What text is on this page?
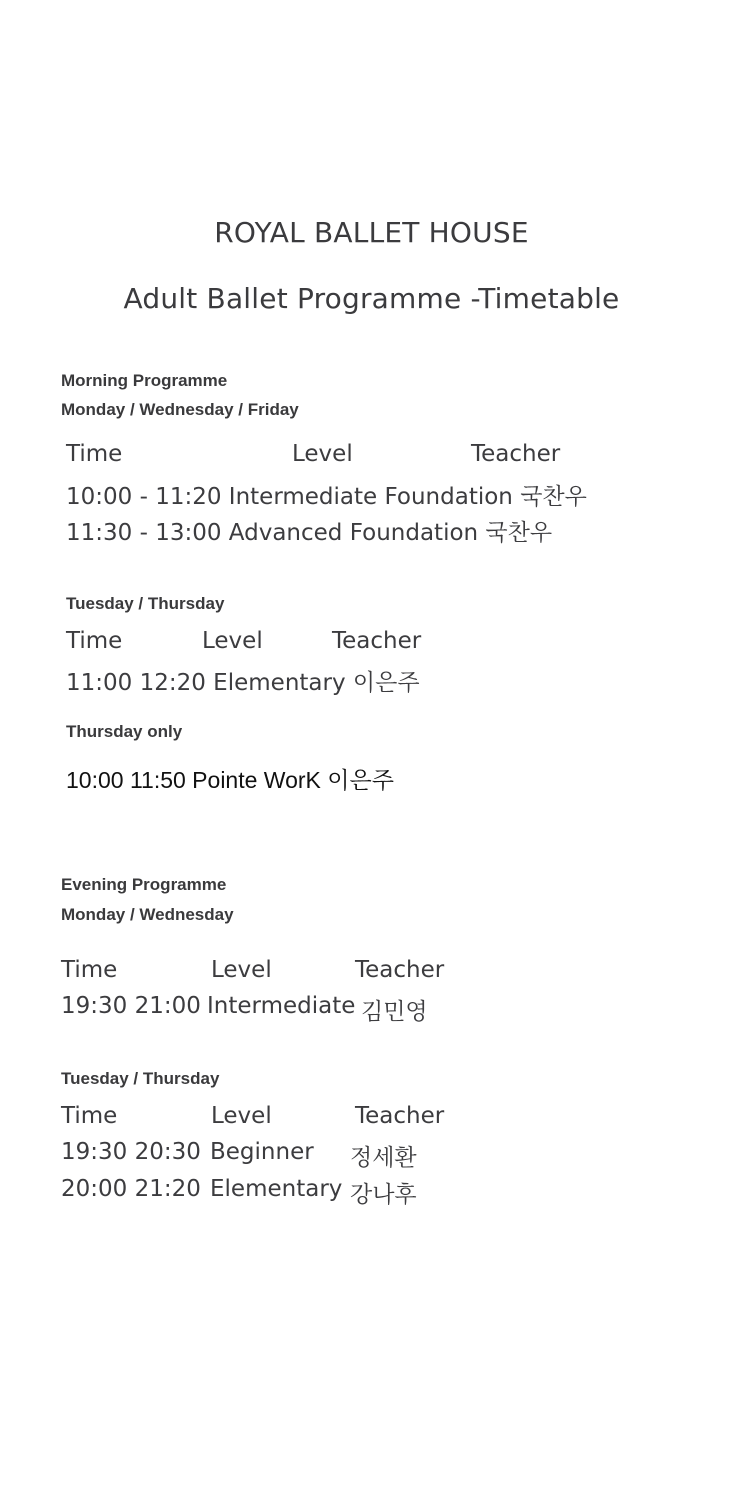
ROYAL BALLET HOUSE
Adult Ballet Programme -Timetable
Morning Programme
Monday / Wednesday / Friday
Time	Level	Teacher
10:00 - 11:20 Intermediate Foundation 국찬우
11:30 - 13:00 Advanced Foundation 국찬우
Tuesday / Thursday
Time	Level	Teacher
11:00 12:20 Elementary 이은주
Thursday only
10:00 11:50 Pointe WorK 이은주
Evening Programme
Monday / Wednesday
Time	Level	Teacher
19:30 21:00 Intermediate 김민영
Tuesday / Thursday
Time	Level	Teacher
19:30 20:30 Beginner 정세환
20:00 21:20 Elementary 강나후
